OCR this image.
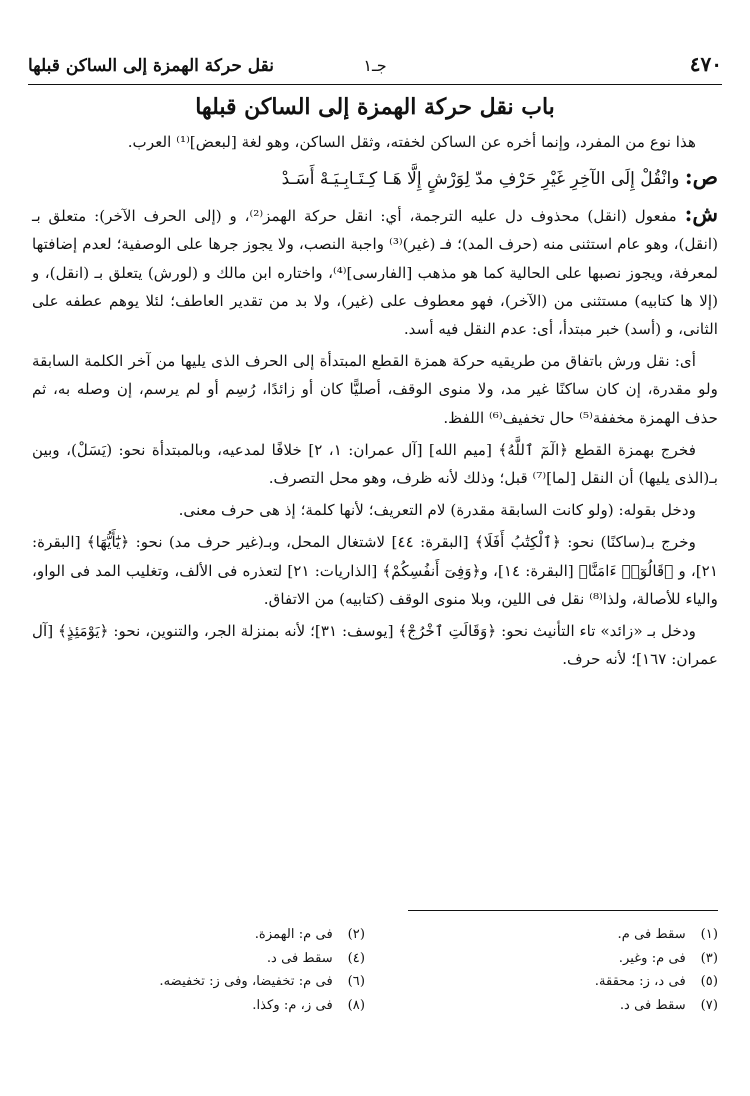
٤٧٠
جـ١
نقل حركة الهمزة إلى الساكن قبلها
باب نقل حركة الهمزة إلى الساكن قبلها

هذا نوع من المفرد، وإنما أخره عن الساكن لخفته، وثقل الساكن، وهو لغة [لبعض]⁽¹⁾ العرب.

ص: وانْقُلْ إِلَى الآخِرِ غَيْرِ حَرْفِ مدّ لِوَرْشٍ إِلَّا هَـا كِـتَـابِـيَـهْ أَسَـدْ

ش: مفعول (انقل) محذوف دل عليه الترجمة، أي: انقل حركة الهمز⁽²⁾، و (إلى الحرف الآخر): متعلق بـ (انقل)، وهو عام استثنى منه (حرف المد)؛ فـ (غير)⁽³⁾ واجبة النصب، ولا يجوز جرها على الوصفية؛ لعدم إضافتها لمعرفة، ويجوز نصبها على الحالية كما هو مذهب [الفارسى]⁽⁴⁾، واختاره ابن مالك و (لورش) يتعلق بـ (انقل)، و (إلا ها كتابيه) مستثنى من (الآخر)، فهو معطوف على (غير)، ولا بد من تقدير العاطف؛ لئلا يوهم عطفه على الثانى، و (أسد) خبر مبتدأ، أى: عدم النقل فيه أسد.

أى: نقل ورش باتفاق من طريقيه حركة همزة القطع المبتدأة إلى الحرف الذى يليها من آخر الكلمة السابقة ولو مقدرة، إن كان ساكنًا غير مد، ولا منوى الوقف، أصليًّا كان أو زائدًا، رُسِم أو لم يرسم، إن وصله به، ثم حذف الهمزة مخففة⁽⁵⁾ حال تخفيف⁽⁶⁾ اللفظ.

فخرج بهمزة القطع ﴿الٓمٓ ٱللَّهُ﴾ [ميم الله] [آل عمران: ١، ٢] خلافًا لمدعيه، وبالمبتدأة نحو: (يَسَلْ)، وبين بـ(الذى يليها) أن النقل [لما]⁽⁷⁾ قبل؛ وذلك لأنه ظرف، وهو محل التصرف.

ودخل بقوله: (ولو كانت السابقة مقدرة) لام التعريف؛ لأنها كلمة؛ إذ هى حرف معنى.

وخرج بـ(ساكنًا) نحو: ﴿ٱلْكِتَٰبُ أَفَلَا﴾ [البقرة: ٤٤] لاشتغال المحل، وبـ(غير حرف مد) نحو: ﴿يَٰٓأَيُّهَا﴾ [البقرة: ٢١]، و ﴿قَالُوٓا۟ ءَامَنَّا﴾ [البقرة: ١٤]، و﴿وَفِىٓ أَنفُسِكُمْ﴾ [الذاريات: ٢١] لتعذره فى الألف، وتغليب المد فى الواو، والياء للأصالة، ولذا⁽⁸⁾ نقل فى اللين، وبلا منوى الوقف (كتابيه) من الاتفاق.

ودخل بـ «زائد» تاء التأنيث نحو: ﴿وَقَالَتِ ٱخْرُجْ﴾ [يوسف: ٣١]؛ لأنه بمنزلة الجر، والتنوين، نحو: ﴿يَوْمَئِذٍ﴾ [آل عمران: ١٦٧]؛ لأنه حرف.

(١) سقط فى م.
(٢) فى م: الهمزة.
(٣) فى م: وغير.
(٤) سقط فى د.
(٥) فى د، ز: محققة.
(٦) فى م: تخفيضا، وفى ز: تخفيضه.
(٧) سقط فى د.
(٨) فى ز، م: وكذا.
